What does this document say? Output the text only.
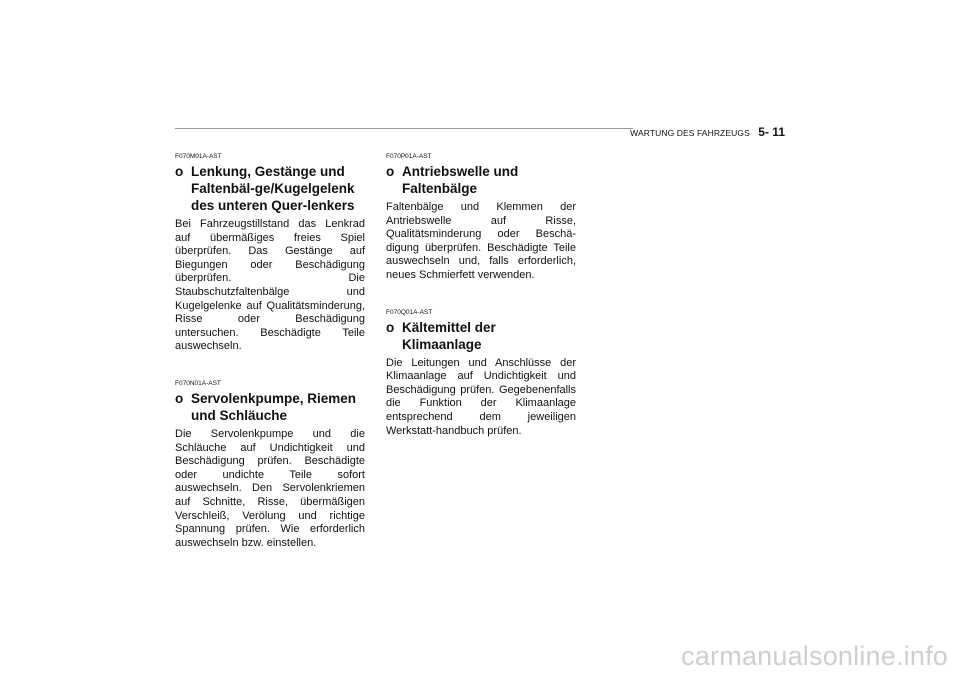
WARTUNG DES FAHRZEUGS 5- 11
F070M01A-AST
o Lenkung, Gestänge und Faltenbäl-ge/Kugelgelenk des unteren Quer-lenkers
Bei Fahrzeugstillstand das Lenkrad auf übermäßiges freies Spiel überprüfen. Das Gestänge auf Biegungen oder Beschädigung überprüfen. Die Staubschutzfaltenbälge und Kugelgelenke auf Qualitätsminderung, Risse oder Beschädigung untersuchen. Beschädigte Teile auswechseln.
F070N01A-AST
o Servolenkpumpe, Riemen und Schläuche
Die Servolenkpumpe und die Schläuche auf Undichtigkeit und Beschädigung prüfen. Beschädigte oder undichte Teile sofort auswechseln. Den Servolenkriemen auf Schnitte, Risse, übermäßigen Verschleiß, Verölung und richtige Spannung prüfen. Wie erforderlich auswechseln bzw. einstellen.
F070P01A-AST
o Antriebswelle und Faltenbälge
Faltenbälge und Klemmen der Antriebswelle auf Risse, Qualitätsminderung oder Beschä-digung überprüfen. Beschädigte Teile auswechseln und, falls erforderlich, neues Schmierfett verwenden.
F070Q01A-AST
o Kältemittel der Klimaanlage
Die Leitungen und Anschlüsse der Klimaanlage auf Undichtigkeit und Beschädigung prüfen. Gegebenenfalls die Funktion der Klimaanlage entsprechend dem jeweiligen Werkstatt-handbuch prüfen.
carmanualsonline.info
